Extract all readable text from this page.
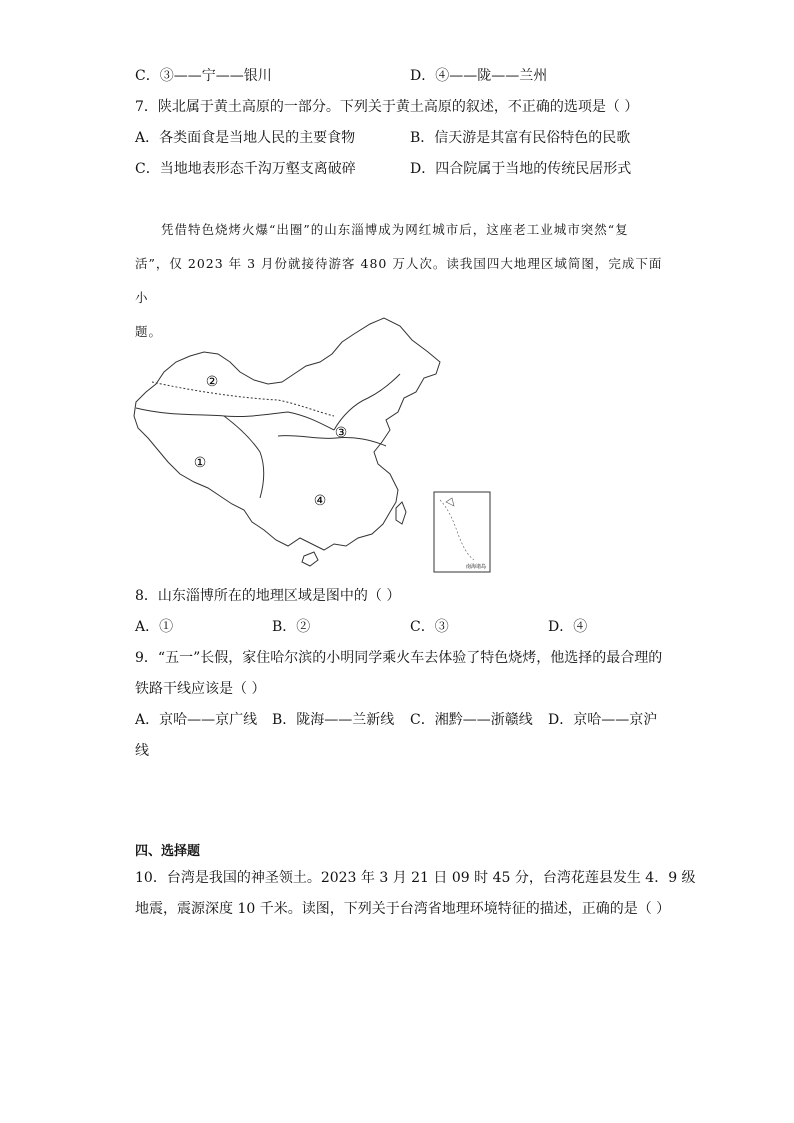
C．③——宁——银川	D．④——陇——兰州
7．陕北属于黄土高原的一部分。下列关于黄土高原的叙述，不正确的选项是（ ）
A．各类面食是当地人民的主要食物	B．信天游是其富有民俗特色的民歌
C．当地地表形态千沟万壑支离破碎	D．四合院属于当地的传统民居形式

凭借特色烧烤火爆“出圈”的山东淄博成为网红城市后，这座老工业城市突然“复

活”，仅 2023 年 3 月份就接待游客 480 万人次。读我国四大地理区域简图，完成下面小

题。

①
②
③
④
南海诸岛
8．山东淄博所在的地理区域是图中的（ ）
A．①	B．②	C．③	D．④
9．“五一”长假，家住哈尔滨的小明同学乘火车去体验了特色烧烤，他选择的最合理的
铁路干线应该是（ ）
A．京哈——京广线 B．陇海——兰新线 C．湘黔——浙赣线 D．京哈——京沪
线
四、选择题
10．台湾是我国的神圣领土。2023 年 3 月 21 日 09 时 45 分，台湾花莲县发生 4．9 级
地震，震源深度 10 千米。读图，下列关于台湾省地理环境特征的描述，正确的是（ ）
